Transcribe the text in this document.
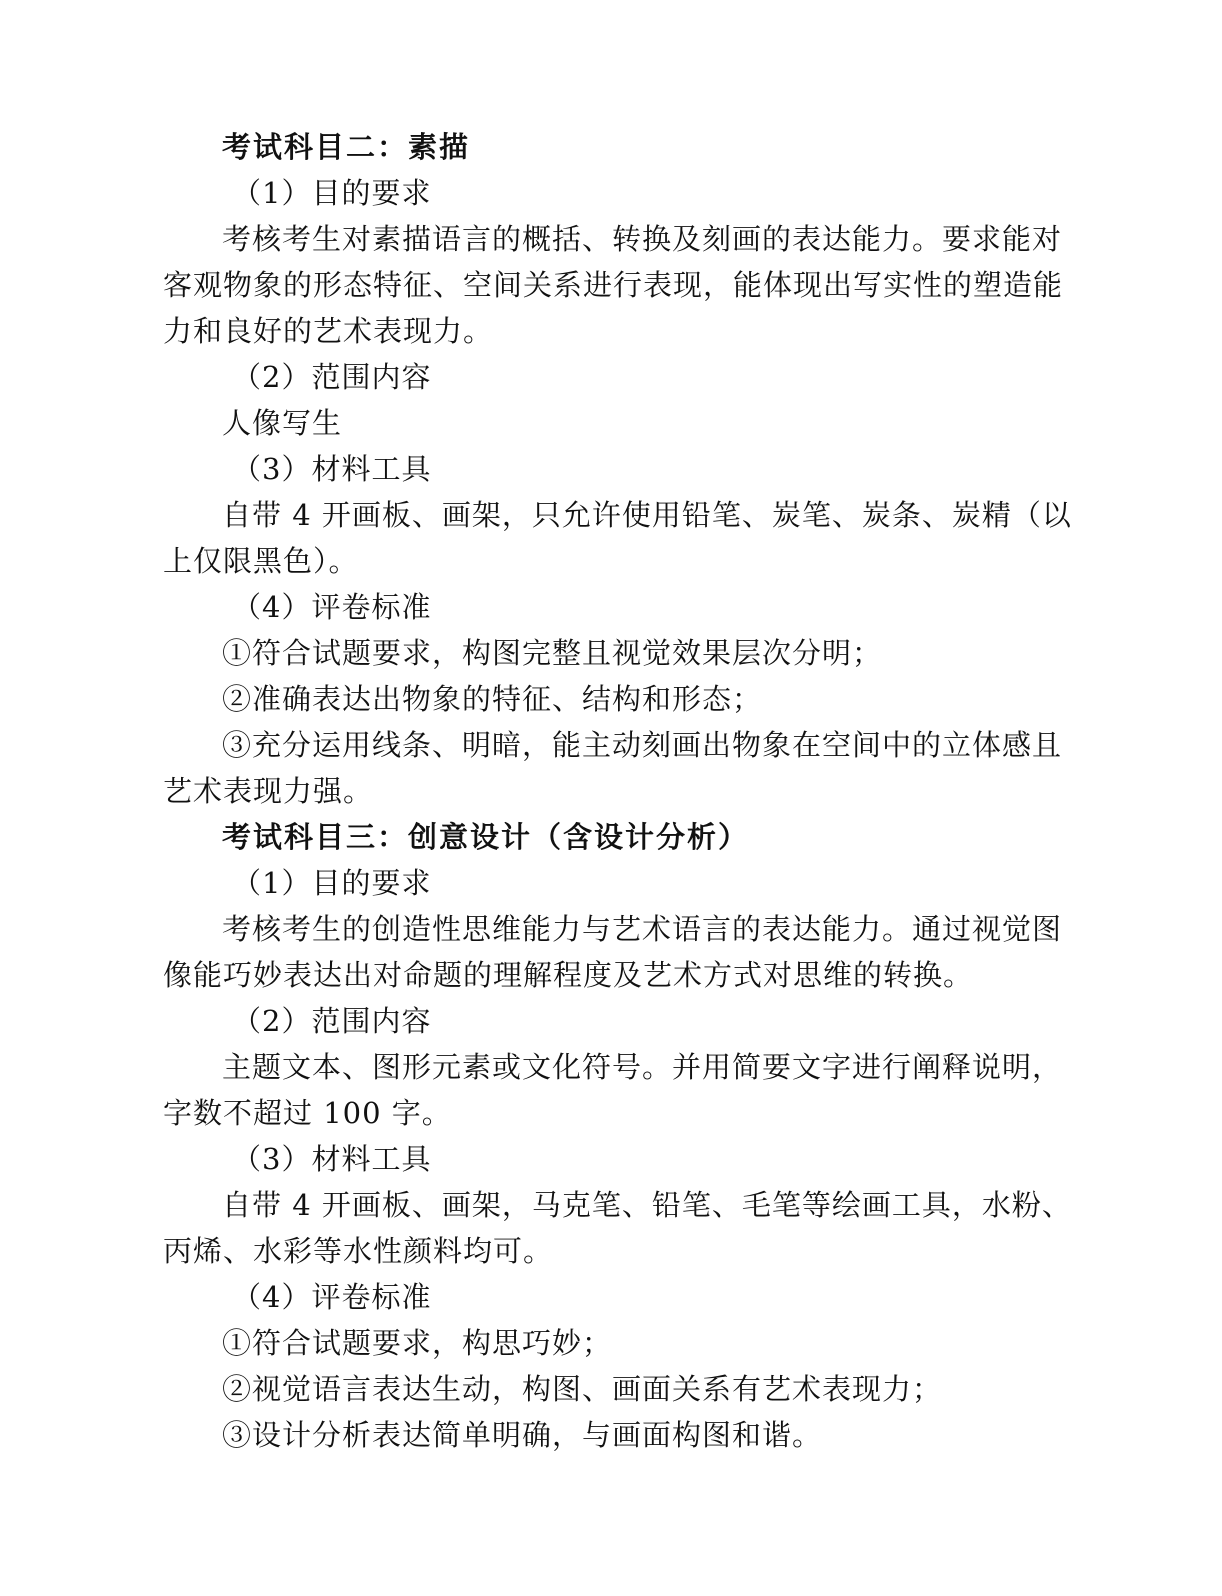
考试科目二：素描
（1）目的要求
考核考生对素描语言的概括、转换及刻画的表达能力。要求能对
客观物象的形态特征、空间关系进行表现，能体现出写实性的塑造能
力和良好的艺术表现力。
（2）范围内容
人像写生
（3）材料工具
自带 4 开画板、画架，只允许使用铅笔、炭笔、炭条、炭精（以
上仅限黑色）。
（4）评卷标准
①符合试题要求，构图完整且视觉效果层次分明；
②准确表达出物象的特征、结构和形态；
③充分运用线条、明暗，能主动刻画出物象在空间中的立体感且
艺术表现力强。
考试科目三：创意设计（含设计分析）
（1）目的要求
考核考生的创造性思维能力与艺术语言的表达能力。通过视觉图
像能巧妙表达出对命题的理解程度及艺术方式对思维的转换。
（2）范围内容
主题文本、图形元素或文化符号。并用简要文字进行阐释说明，
字数不超过 100 字。
（3）材料工具
自带 4 开画板、画架，马克笔、铅笔、毛笔等绘画工具，水粉、
丙烯、水彩等水性颜料均可。
（4）评卷标准
①符合试题要求，构思巧妙；
②视觉语言表达生动，构图、画面关系有艺术表现力；
③设计分析表达简单明确，与画面构图和谐。
